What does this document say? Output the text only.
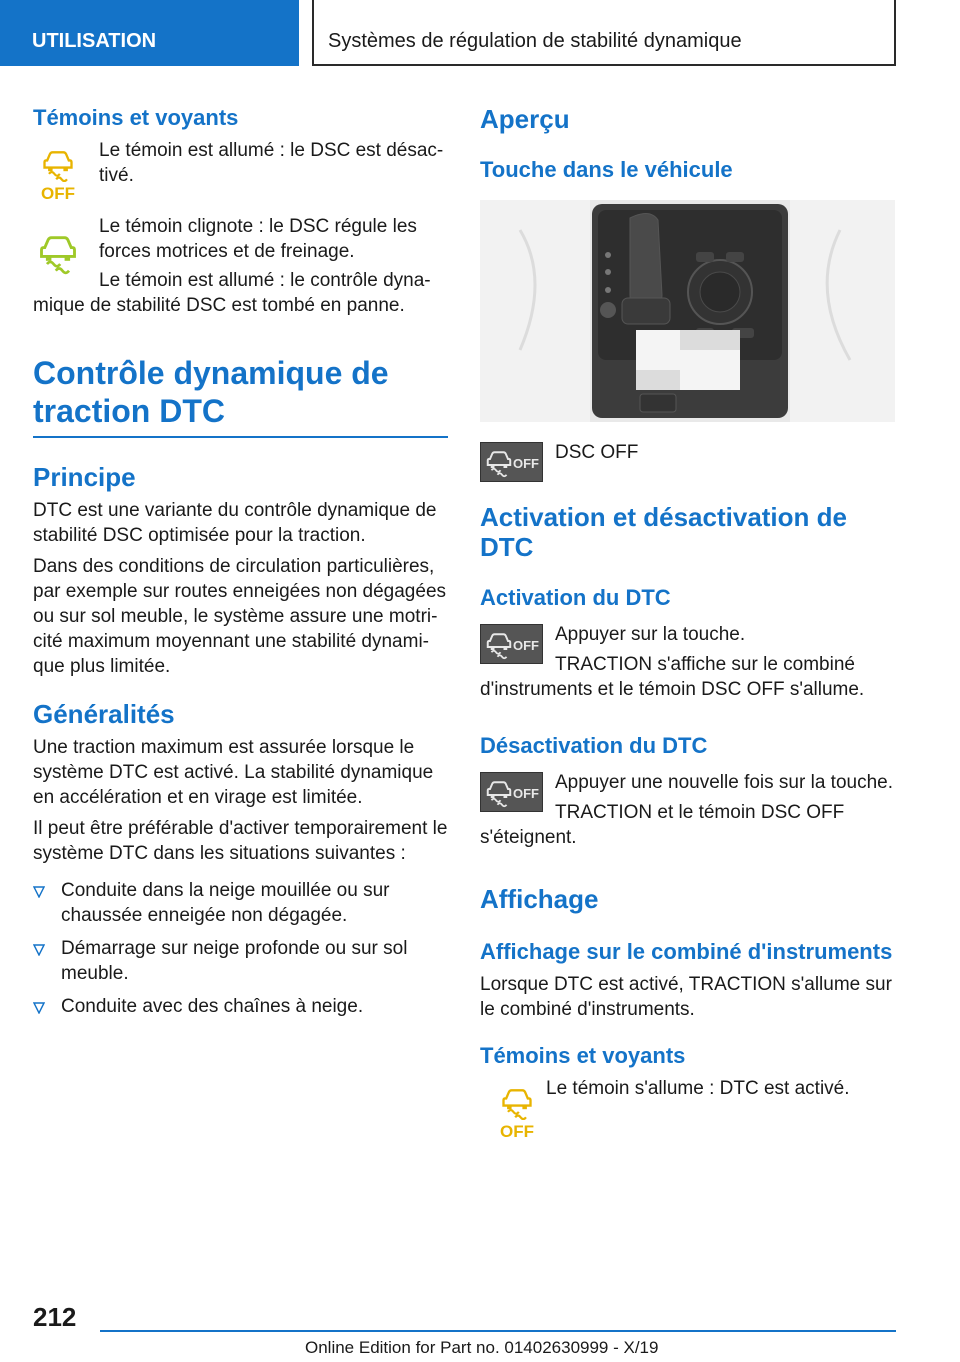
UTILISATION	Systèmes de régulation de stabilité dynamique
Témoins et voyants
OFF
Le témoin est allumé : le DSC est désac‐tivé.
Le témoin clignote : le DSC régule les forces motrices et de freinage.

Le témoin est allumé : le contrôle dyna‐mique de stabilité DSC est tombé en panne.

Contrôle dynamique de traction DTC
Principe

DTC est une variante du contrôle dynamique de stabilité DSC optimisée pour la traction.

Dans des conditions de circulation particulières, par exemple sur routes enneigées non dégagées ou sur sol meuble, le système assure une motri‐cité maximum moyennant une stabilité dynami‐que plus limitée.

Généralités

Une traction maximum est assurée lorsque le système DTC est activé. La stabilité dynamique en accélération et en virage est limitée.

Il peut être préférable d'activer temporairement le système DTC dans les situations suivantes :

Conduite dans la neige mouillée ou sur chaussée enneigée non dégagée.
Démarrage sur neige profonde ou sur sol meuble.
Conduite avec des chaînes à neige.
Aperçu
Touche dans le véhicule
OFF
DSC OFF
Activation et désactivation de DTC
Activation du DTC
OFF
Appuyer sur la touche.

TRACTION s'affiche sur le combiné d'instruments et le témoin DSC OFF s'allume.

Désactivation du DTC
OFF
Appuyer une nouvelle fois sur la touche.

TRACTION et le témoin DSC OFF s'éteignent.

Affichage
Affichage sur le combiné d'instruments

Lorsque DTC est activé, TRACTION s'allume sur le combiné d'instruments.

Témoins et voyants
OFF
Le témoin s'allume : DTC est activé.
212
Online Edition for Part no. 01402630999 - X/19
